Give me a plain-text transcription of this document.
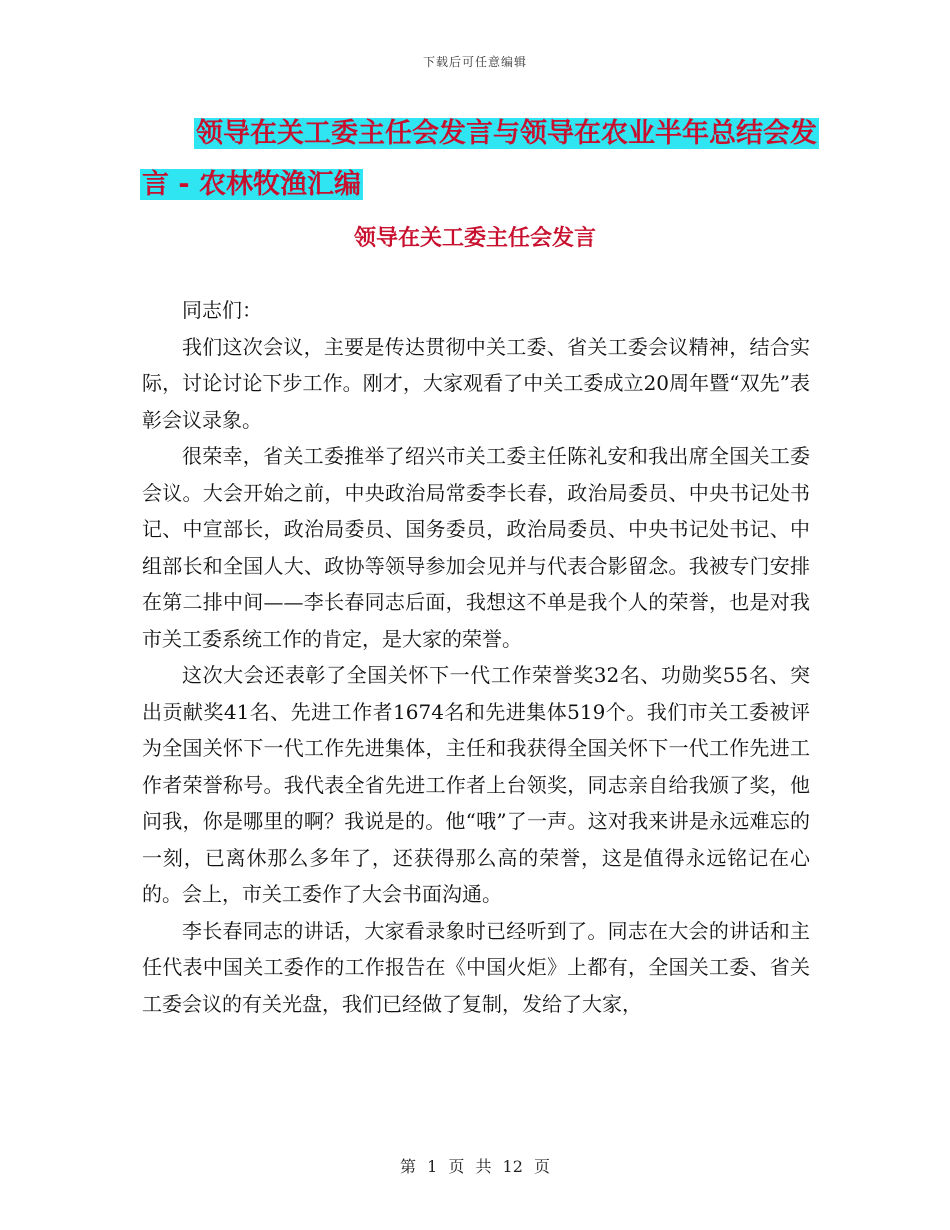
下载后可任意编辑
领导在关工委主任会发言与领导在农业半年总结会发
言 - 农林牧渔汇编
领导在关工委主任会发言

同志们：

我们这次会议，主要是传达贯彻中关工委、省关工委会议精神，结合实际，讨论讨论下步工作。刚才，大家观看了中关工委成立20周年暨“双先”表彰会议录象。

很荣幸，省关工委推举了绍兴市关工委主任陈礼安和我出席全国关工委会议。大会开始之前，中央政治局常委李长春，政治局委员、中央书记处书记、中宣部长，政治局委员、国务委员，政治局委员、中央书记处书记、中组部长和全国人大、政协等领导参加会见并与代表合影留念。我被专门安排在第二排中间——李长春同志后面，我想这不单是我个人的荣誉，也是对我市关工委系统工作的肯定，是大家的荣誉。

这次大会还表彰了全国关怀下一代工作荣誉奖32名、功勋奖55名、突出贡献奖41名、先进工作者1674名和先进集体519个。我们市关工委被评为全国关怀下一代工作先进集体，主任和我获得全国关怀下一代工作先进工作者荣誉称号。我代表全省先进工作者上台领奖，同志亲自给我颁了奖，他问我，你是哪里的啊？我说是的。他“哦”了一声。这对我来讲是永远难忘的一刻，已离休那么多年了，还获得那么高的荣誉，这是值得永远铭记在心的。会上，市关工委作了大会书面沟通。

李长春同志的讲话，大家看录象时已经听到了。同志在大会的讲话和主任代表中国关工委作的工作报告在《中国火炬》上都有，全国关工委、省关工委会议的有关光盘，我们已经做了复制，发给了大家，

第 1 页 共 12 页
